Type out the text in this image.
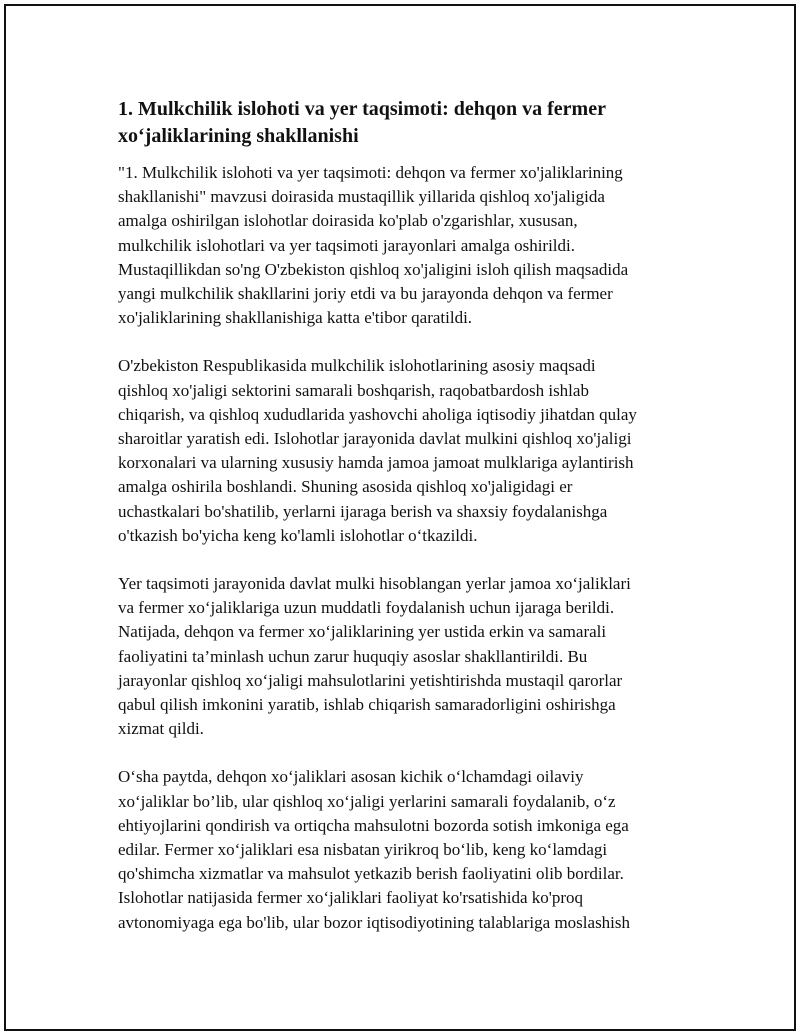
1. Mulkchilik islohoti va yer taqsimoti: dehqon va fermer
xoʻjaliklarining shakllanishi

"1. Mulkchilik islohoti va yer taqsimoti: dehqon va fermer xo'jaliklarining
shakllanishi" mavzusi doirasida mustaqillik yillarida qishloq xo'jaligida
amalga oshirilgan islohotlar doirasida ko'plab o'zgarishlar, xususan,
mulkchilik islohotlari va yer taqsimoti jarayonlari amalga oshirildi.
Mustaqillikdan so'ng O'zbekiston qishloq xo'jaligini isloh qilish maqsadida
yangi mulkchilik shakllarini joriy etdi va bu jarayonda dehqon va fermer
xo'jaliklarining shakllanishiga katta e'tibor qaratildi.

O'zbekiston Respublikasida mulkchilik islohotlarining asosiy maqsadi
qishloq xo'jaligi sektorini samarali boshqarish, raqobatbardosh ishlab
chiqarish, va qishloq xududlarida yashovchi aholiga iqtisodiy jihatdan qulay
sharoitlar yaratish edi. Islohotlar jarayonida davlat mulkini qishloq xo'jaligi
korxonalari va ularning xususiy hamda jamoa jamoat mulklariga aylantirish
amalga oshirila boshlandi. Shuning asosida qishloq xo'jaligidagi er
uchastkalari bo'shatilib, yerlarni ijaraga berish va shaxsiy foydalanishga
o'tkazish bo'yicha keng ko'lamli islohotlar o‘tkazildi.

Yer taqsimoti jarayonida davlat mulki hisoblangan yerlar jamoa xo‘jaliklari
va fermer xo‘jaliklariga uzun muddatli foydalanish uchun ijaraga berildi.
Natijada, dehqon va fermer xo‘jaliklarining yer ustida erkin va samarali
faoliyatini ta’minlash uchun zarur huquqiy asoslar shakllantirildi. Bu
jarayonlar qishloq xo‘jaligi mahsulotlarini yetishtirishda mustaqil qarorlar
qabul qilish imkonini yaratib, ishlab chiqarish samaradorligini oshirishga
xizmat qildi.

O‘sha paytda, dehqon xo‘jaliklari asosan kichik o‘lchamdagi oilaviy
xo‘jaliklar bo’lib, ular qishloq xo‘jaligi yerlarini samarali foydalanib, o‘z
ehtiyojlarini qondirish va ortiqcha mahsulotni bozorda sotish imkoniga ega
edilar. Fermer xo‘jaliklari esa nisbatan yirikroq bo‘lib, keng ko‘lamdagi
qo'shimcha xizmatlar va mahsulot yetkazib berish faoliyatini olib bordilar.
Islohotlar natijasida fermer xo‘jaliklari faoliyat ko'rsatishida ko'proq
avtonomiyaga ega bo'lib, ular bozor iqtisodiyotining talablariga moslashish
